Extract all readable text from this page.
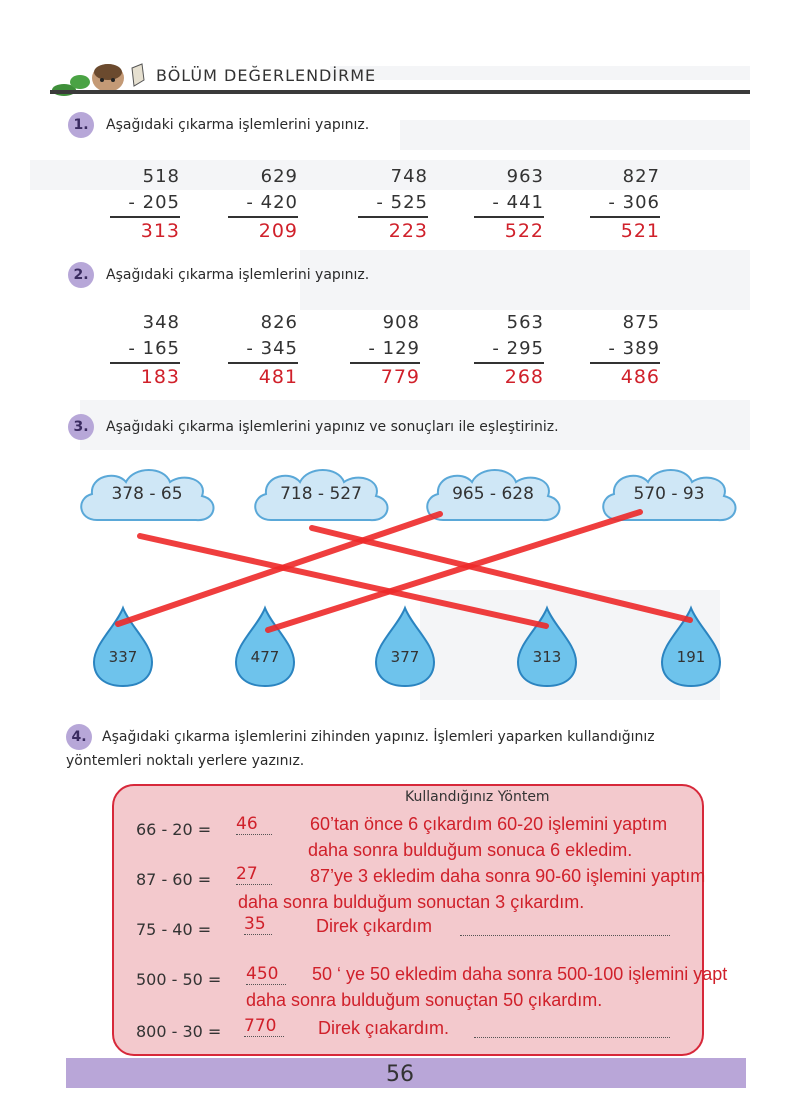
BÖLÜM DEĞERLENDİRME
1.	Aşağıdaki çıkarma işlemlerini yapınız.
518
- 205
313
629
- 420
209
748
- 525
223
963
- 441
522
827
- 306
521
2.	Aşağıdaki çıkarma işlemlerini yapınız.
348
- 165
183
826
- 345
481
908
- 129
779
563
- 295
268
875
- 389
486
3.	Aşağıdaki çıkarma işlemlerini yapınız ve sonuçları ile eşleştiriniz.
378 - 65	718 - 527	965 - 628	570 - 93
337	477	377	313	191
4.	Aşağıdaki çıkarma işlemlerini zihinden yapınız. İşlemleri yaparken kullandığınız
yöntemleri noktalı yerlere yazınız.
Kullandığınız Yöntem
66 - 20 = 46	60’tan önce 6 çıkardım 60-20 işlemini yaptım
daha sonra bulduğum sonuca 6 ekledim.
87 - 60 = 27	87’ye 3 ekledim daha sonra 90-60 işlemini yaptım
daha sonra bulduğum sonuctan 3 çıkardım.
75 - 40 = 35	Direk çıkardım
500 - 50 = 450	50 ‘ ye 50 ekledim daha sonra 500-100 işlemini yapt
daha sonra bulduğum sonuçtan 50 çıkardım.
800 - 30 = 770	Direk çıakardım.
56
